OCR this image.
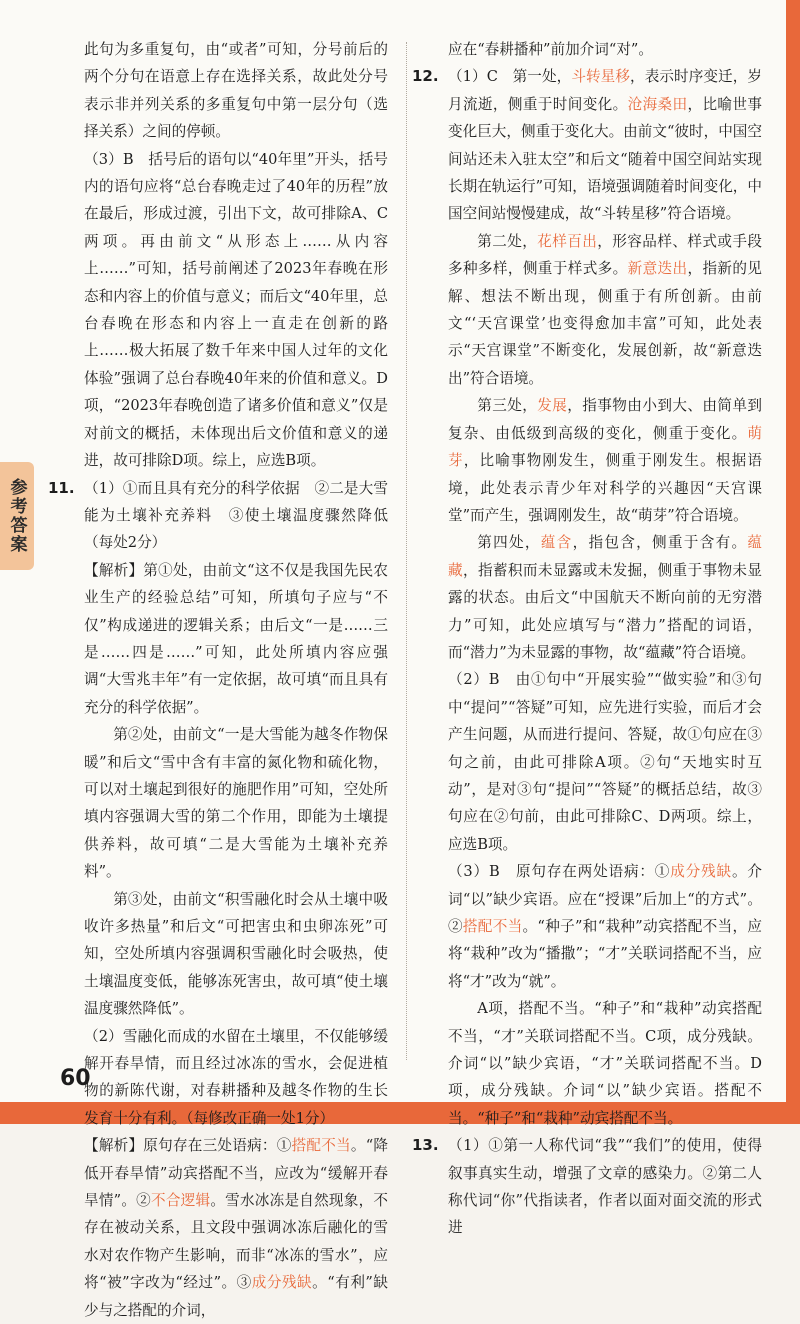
参考答案

此句为多重复句，由“或者”可知，分号前后的两个分句在语意上存在选择关系，故此处分号表示非并列关系的多重复句中第一层分句（选择关系）之间的停顿。

（3）B　括号后的语句以“40年里”开头，括号内的语句应将“总台春晚走过了40年的历程”放在最后，形成过渡，引出下文，故可排除A、C两项。再由前文“从形态上……从内容上……”可知，括号前阐述了2023年春晚在形态和内容上的价值与意义；而后文“40年里，总台春晚在形态和内容上一直走在创新的路上……极大拓展了数千年来中国人过年的文化体验”强调了总台春晚40年来的价值和意义。D项，“2023年春晚创造了诸多价值和意义”仅是对前文的概括，未体现出后文价值和意义的递进，故可排除D项。综上，应选B项。

11. （1）①而且具有充分的科学依据　②二是大雪能为土壤补充养料　③使土壤温度骤然降低（每处2分）

【解析】第①处，由前文“这不仅是我国先民农业生产的经验总结”可知，所填句子应与“不仅”构成递进的逻辑关系；由后文“一是……三是……四是……”可知，此处所填内容应强调“大雪兆丰年”有一定依据，故可填“而且具有充分的科学依据”。

第②处，由前文“一是大雪能为越冬作物保暖”和后文“雪中含有丰富的氮化物和硫化物，可以对土壤起到很好的施肥作用”可知，空处所填内容强调大雪的第二个作用，即能为土壤提供养料，故可填“二是大雪能为土壤补充养料”。

第③处，由前文“积雪融化时会从土壤中吸收许多热量”和后文“可把害虫和虫卵冻死”可知，空处所填内容强调积雪融化时会吸热，使土壤温度变低，能够冻死害虫，故可填“使土壤温度骤然降低”。

（2）雪融化而成的水留在土壤里，不仅能够缓解开春旱情，而且经过冰冻的雪水，会促进植物的新陈代谢，对春耕播种及越冬作物的生长发育十分有利。（每修改正确一处1分）

【解析】原句存在三处语病：①搭配不当。“降低开春旱情”动宾搭配不当，应改为“缓解开春旱情”。②不合逻辑。雪水冰冻是自然现象，不存在被动关系，且文段中强调冰冻后融化的雪水对农作物产生影响，而非“冰冻的雪水”，应将“被”字改为“经过”。③成分残缺。“有利”缺少与之搭配的介词，

应在“春耕播种”前加介词“对”。

12. （1）C　第一处，斗转星移，表示时序变迁，岁月流逝，侧重于时间变化。沧海桑田，比喻世事变化巨大，侧重于变化大。由前文“彼时，中国空间站还未入驻太空”和后文“随着中国空间站实现长期在轨运行”可知，语境强调随着时间变化，中国空间站慢慢建成，故“斗转星移”符合语境。

第二处，花样百出，形容品样、样式或手段多种多样，侧重于样式多。新意迭出，指新的见解、想法不断出现，侧重于有所创新。由前文“‘天宫课堂’也变得愈加丰富”可知，此处表示“天宫课堂”不断变化，发展创新，故“新意迭出”符合语境。

第三处，发展，指事物由小到大、由简单到复杂、由低级到高级的变化，侧重于变化。萌芽，比喻事物刚发生，侧重于刚发生。根据语境，此处表示青少年对科学的兴趣因“天宫课堂”而产生，强调刚发生，故“萌芽”符合语境。

第四处，蕴含，指包含，侧重于含有。蕴藏，指蓄积而未显露或未发掘，侧重于事物未显露的状态。由后文“中国航天不断向前的无穷潜力”可知，此处应填写与“潜力”搭配的词语，而“潜力”为未显露的事物，故“蕴藏”符合语境。

（2）B　由①句中“开展实验”“做实验”和③句中“提问”“答疑”可知，应先进行实验，而后才会产生问题，从而进行提问、答疑，故①句应在③句之前，由此可排除A项。②句“天地实时互动”，是对③句“提问”“答疑”的概括总结，故③句应在②句前，由此可排除C、D两项。综上，应选B项。

（3）B　原句存在两处语病：①成分残缺。介词“以”缺少宾语。应在“授课”后加上“的方式”。②搭配不当。“种子”和“栽种”动宾搭配不当，应将“栽种”改为“播撒”；“才”关联词搭配不当，应将“才”改为“就”。

A项，搭配不当。“种子”和“栽种”动宾搭配不当，“才”关联词搭配不当。C项，成分残缺。介词“以”缺少宾语，“才”关联词搭配不当。D项，成分残缺。介词“以”缺少宾语。搭配不当。“种子”和“栽种”动宾搭配不当。

13. （1）①第一人称代词“我”“我们”的使用，使得叙事真实生动，增强了文章的感染力。②第二人称代词“你”代指读者，作者以面对面交流的形式进

60
